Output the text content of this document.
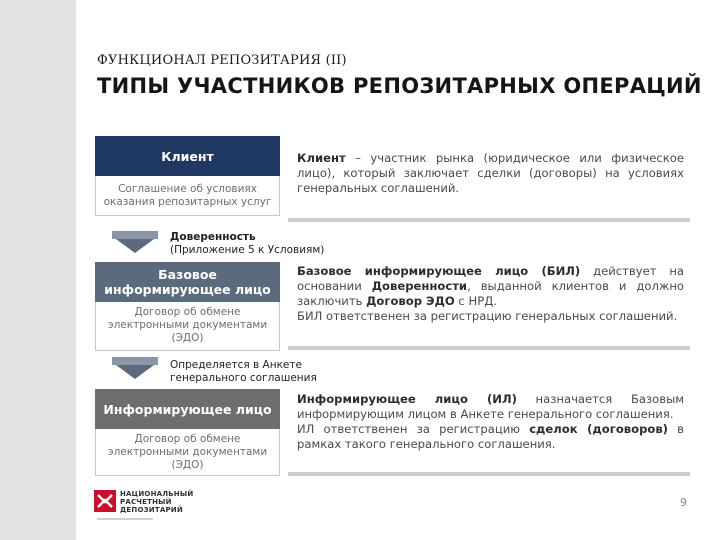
ФУНКЦИОНАЛ РЕПОЗИТАРИЯ (II)
ТИПЫ УЧАСТНИКОВ РЕПОЗИТАРНЫХ ОПЕРАЦИЙ
Клиент
Соглашение об условиях оказания репозитарных услуг

Клиент – участник рынка (юридическое или физическое лицо), который заключает сделки (договоры) на условиях генеральных соглашений.

Доверенность
(Приложение 5 к Условиям)
Базовое информирующее лицо
Договор об обмене электронными документами (ЭДО)

Базовое информирующее лицо (БИЛ) действует на основании Доверенности, выданной клиентов и должно заключить Договор ЭДО с НРД.

БИЛ ответственен за регистрацию генеральных соглашений.

Определяется в Анкете
генерального соглашения
Информирующее лицо
Договор об обмене электронными документами (ЭДО)

Информирующее лицо (ИЛ) назначается Базовым информирующим лицом в Анкете генерального соглашения.

ИЛ ответственен за регистрацию сделок (договоров) в рамках такого генерального соглашения.

НАЦИОНАЛЬНЫЙ
РАСЧЕТНЫЙ
ДЕПОЗИТАРИЙ
9
